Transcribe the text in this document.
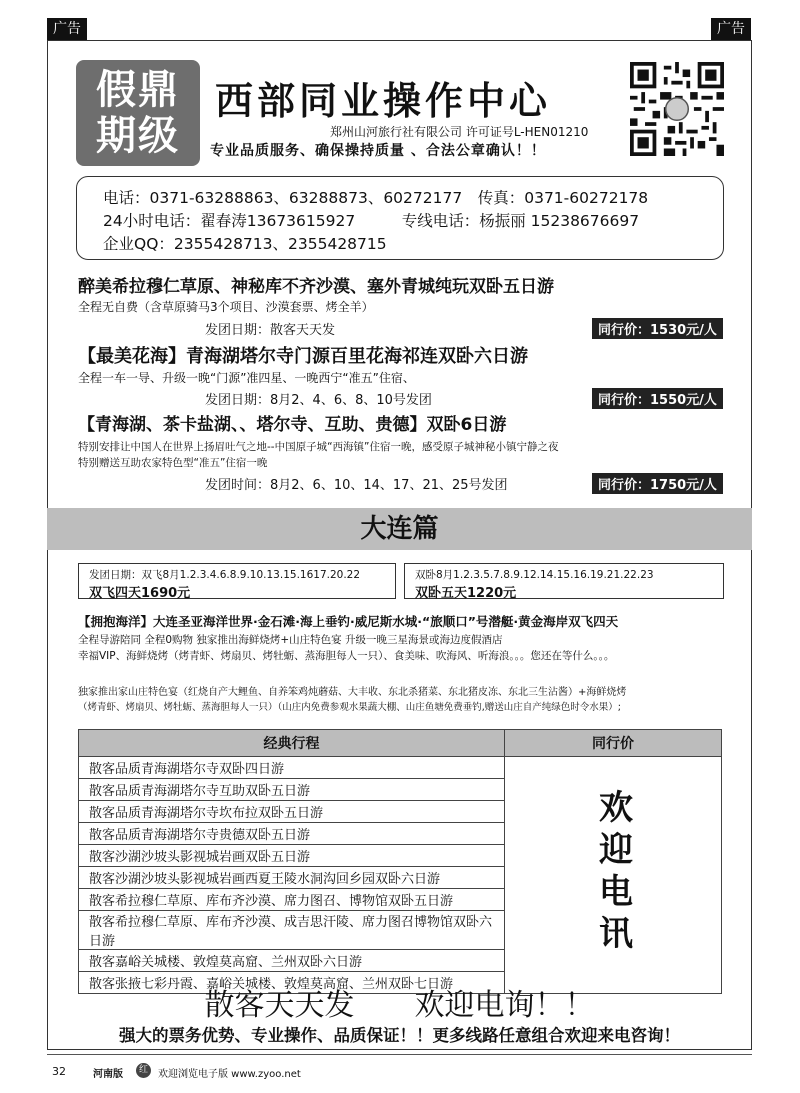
广告	广告
假鼎
期级
西部同业操作中心
郑州山河旅行社有限公司 许可证号L-HEN01210
专业品质服务、确保操持质量 、合法公章确认！！
电话：0371-63288863、63288873、60272177　传真：0371-60272178
24小时电话：翟春涛13673615927　　　专线电话：杨振丽 15238676697
企业QQ：2355428713、2355428715
醉美希拉穆仁草原、神秘库不齐沙漠、塞外青城纯玩双卧五日游
全程无自费（含草原骑马3个项目、沙漠套票、烤全羊）
发团日期：散客天天发	同行价：1530元/人
【最美花海】青海湖塔尔寺门源百里花海祁连双卧六日游
全程一车一导、升级一晚“门源”准四星、一晚西宁“准五”住宿、
发团日期：8月2、4、6、8、10号发团	同行价：1550元/人
【青海湖、茶卡盐湖、、塔尔寺、互助、贵德】双卧6日游
特别安排让中国人在世界上扬眉吐气之地--中国原子城“西海镇”住宿一晚，感受原子城神秘小镇宁静之夜
特别赠送互助农家特色型“准五”住宿一晚
发团时间：8月2、6、10、14、17、21、25号发团	同行价：1750元/人
大连篇
发团日期：双飞8月1.2.3.4.6.8.9.10.13.15.1617.20.22
双飞四天1690元
双卧8月1.2.3.5.7.8.9.12.14.15.16.19.21.22.23
双卧五天1220元
【拥抱海洋】大连圣亚海洋世界·金石滩·海上垂钓·威尼斯水城·“旅顺口”号潜艇·黄金海岸双飞四天
全程导游陪同 全程0购物 独家推出海鲜烧烤+山庄特色宴 升级一晚三星海景或海边度假酒店
幸福VIP、海鲜烧烤（烤青虾、烤扇贝、烤牡蛎、蒸海胆每人一只）、食美味、吹海风、听海浪。。。您还在等什么。。。
独家推出家山庄特色宴（红烧自产大鲤鱼、自养笨鸡炖蘑菇、大丰收、东北杀猪菜、东北猪皮冻、东北三生沾酱）+海鲜烧烤
（烤青虾、烤扇贝、烤牡蛎、蒸海胆每人一只）（山庄内免费参观水果蔬大棚、山庄鱼塘免费垂钓,赠送山庄自产纯绿色时令水果）;
经典行程	同行价
散客品质青海湖塔尔寺双卧四日游	欢迎电讯
散客品质青海湖塔尔寺互助双卧五日游	
散客品质青海湖塔尔寺坎布拉双卧五日游	
散客品质青海湖塔尔寺贵德双卧五日游	
散客沙湖沙坡头影视城岩画双卧五日游	
散客沙湖沙坡头影视城岩画西夏王陵水洞沟回乡园双卧六日游	
散客希拉穆仁草原、库布齐沙漠、席力图召、博物馆双卧五日游	
散客希拉穆仁草原、库布齐沙漠、成吉思汗陵、席力图召博物馆双卧六日游	
散客嘉峪关城楼、敦煌莫高窟、兰州双卧六日游	
散客张掖七彩丹霞、嘉峪关城楼、敦煌莫高窟、兰州双卧七日游	
散客天天发　　欢迎电询！！
强大的票务优势、专业操作、品质保证！！更多线路任意组合欢迎来电咨询！
32	河南版	红	欢迎浏览电子版 www.zyoo.net
